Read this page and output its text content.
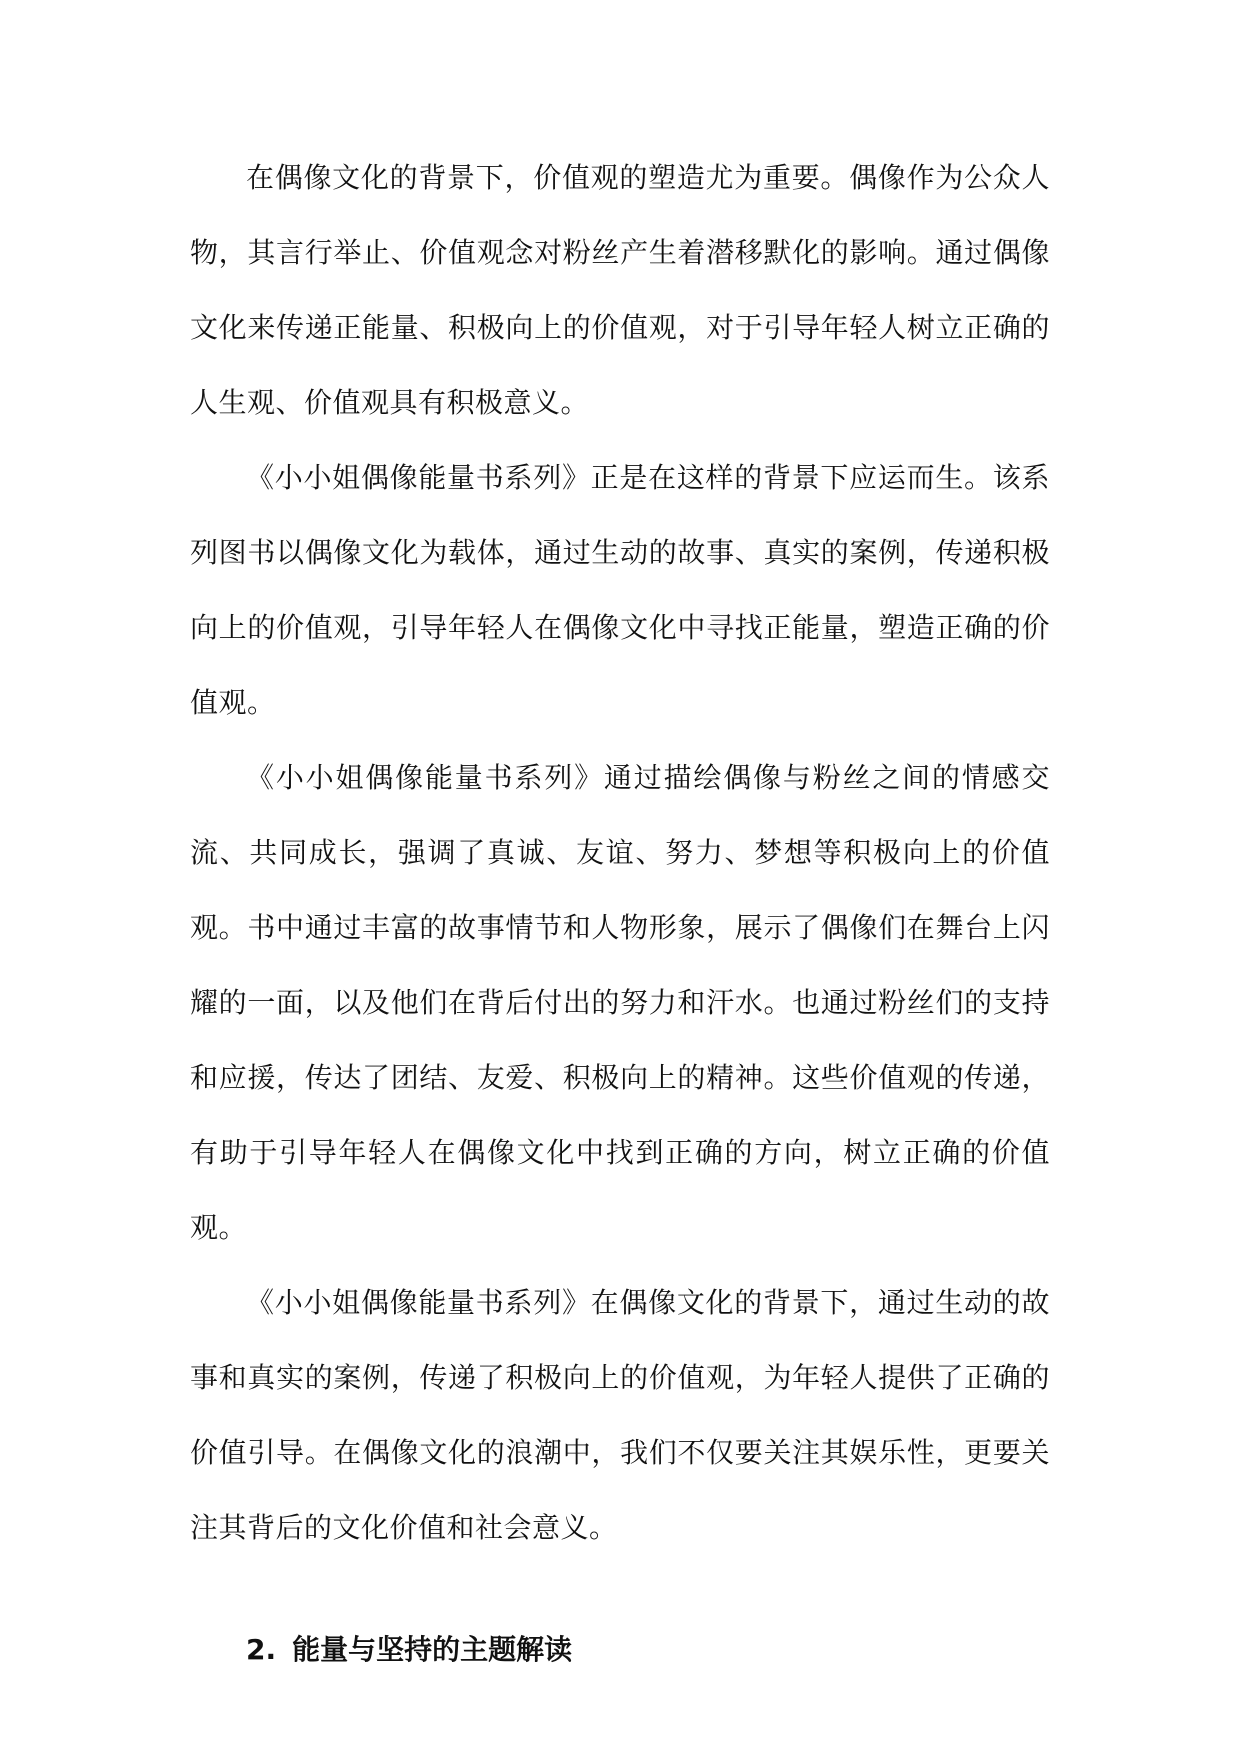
在偶像文化的背景下，价值观的塑造尤为重要。偶像作为公众人物，其言行举止、价值观念对粉丝产生着潜移默化的影响。通过偶像文化来传递正能量、积极向上的价值观，对于引导年轻人树立正确的人生观、价值观具有积极意义。

《小小姐偶像能量书系列》正是在这样的背景下应运而生。该系列图书以偶像文化为载体，通过生动的故事、真实的案例，传递积极向上的价值观，引导年轻人在偶像文化中寻找正能量，塑造正确的价值观。

《小小姐偶像能量书系列》通过描绘偶像与粉丝之间的情感交流、共同成长，强调了真诚、友谊、努力、梦想等积极向上的价值观。书中通过丰富的故事情节和人物形象，展示了偶像们在舞台上闪耀的一面，以及他们在背后付出的努力和汗水。也通过粉丝们的支持和应援，传达了团结、友爱、积极向上的精神。这些价值观的传递，有助于引导年轻人在偶像文化中找到正确的方向，树立正确的价值观。

《小小姐偶像能量书系列》在偶像文化的背景下，通过生动的故事和真实的案例，传递了积极向上的价值观，为年轻人提供了正确的价值引导。在偶像文化的浪潮中，我们不仅要关注其娱乐性，更要关注其背后的文化价值和社会意义。

2. 能量与坚持的主题解读
